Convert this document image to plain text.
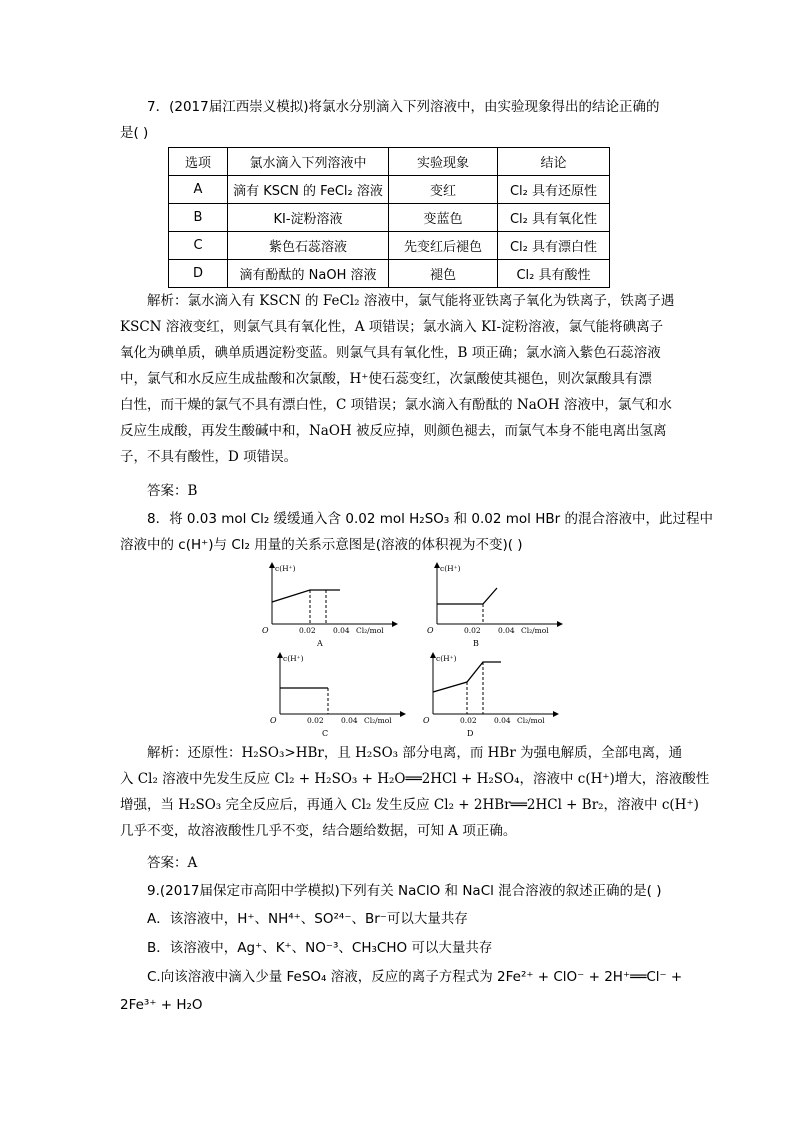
7．(2017届江西崇义模拟)将氯水分别滴入下列溶液中，由实验现象得出的结论正确的
是( )
选项	氯水滴入下列溶液中	实验现象	结论
A	滴有 KSCN 的 FeCl₂ 溶液	变红	Cl₂ 具有还原性
B	KI-淀粉溶液	变蓝色	Cl₂ 具有氧化性
C	紫色石蕊溶液	先变红后褪色	Cl₂ 具有漂白性
D	滴有酚酞的 NaOH 溶液	褪色	Cl₂ 具有酸性
解析：氯水滴入有 KSCN 的 FeCl₂ 溶液中，氯气能将亚铁离子氧化为铁离子，铁离子遇
KSCN 溶液变红，则氯气具有氧化性，A 项错误；氯水滴入 KI-淀粉溶液，氯气能将碘离子
氧化为碘单质，碘单质遇淀粉变蓝。则氯气具有氧化性，B 项正确；氯水滴入紫色石蕊溶液
中，氯气和水反应生成盐酸和次氯酸，H⁺使石蕊变红，次氯酸使其褪色，则次氯酸具有漂
白性，而干燥的氯气不具有漂白性，C 项错误；氯水滴入有酚酞的 NaOH 溶液中，氯气和水
反应生成酸，再发生酸碱中和，NaOH 被反应掉，则颜色褪去，而氯气本身不能电离出氢离
子，不具有酸性，D 项错误。
答案：B
8．将 0.03 mol Cl₂ 缓缓通入含 0.02 mol H₂SO₃ 和 0.02 mol HBr 的混合溶液中，此过程中
溶液中的 c(H⁺)与 Cl₂ 用量的关系示意图是(溶液的体积视为不变)( )
c(H⁺)
O	0.02 0.04 Cl₂/mol
A
c(H⁺)
O	0.02 0.04 Cl₂/mol
B
c(H⁺)
O	0.02 0.04 Cl₂/mol
C
c(H⁺)
O	0.02 0.04 Cl₂/mol
D
解析：还原性：H₂SO₃>HBr，且 H₂SO₃ 部分电离，而 HBr 为强电解质，全部电离，通
入 Cl₂ 溶液中先发生反应 Cl₂ + H₂SO₃ + H₂O══2HCl + H₂SO₄，溶液中 c(H⁺)增大，溶液酸性
增强，当 H₂SO₃ 完全反应后，再通入 Cl₂ 发生反应 Cl₂ + 2HBr══2HCl + Br₂，溶液中 c(H⁺)
几乎不变，故溶液酸性几乎不变，结合题给数据，可知 A 项正确。
答案：A
9.(2017届保定市高阳中学模拟)下列有关 NaClO 和 NaCl 混合溶液的叙述正确的是( )
A．该溶液中，H⁺、NH⁴⁺、SO²⁴⁻、Br⁻可以大量共存
B．该溶液中，Ag⁺、K⁺、NO⁻³、CH₃CHO 可以大量共存
C.向该溶液中滴入少量 FeSO₄ 溶液，反应的离子方程式为 2Fe²⁺ + ClO⁻ + 2H⁺══Cl⁻ +
2Fe³⁺ + H₂O
